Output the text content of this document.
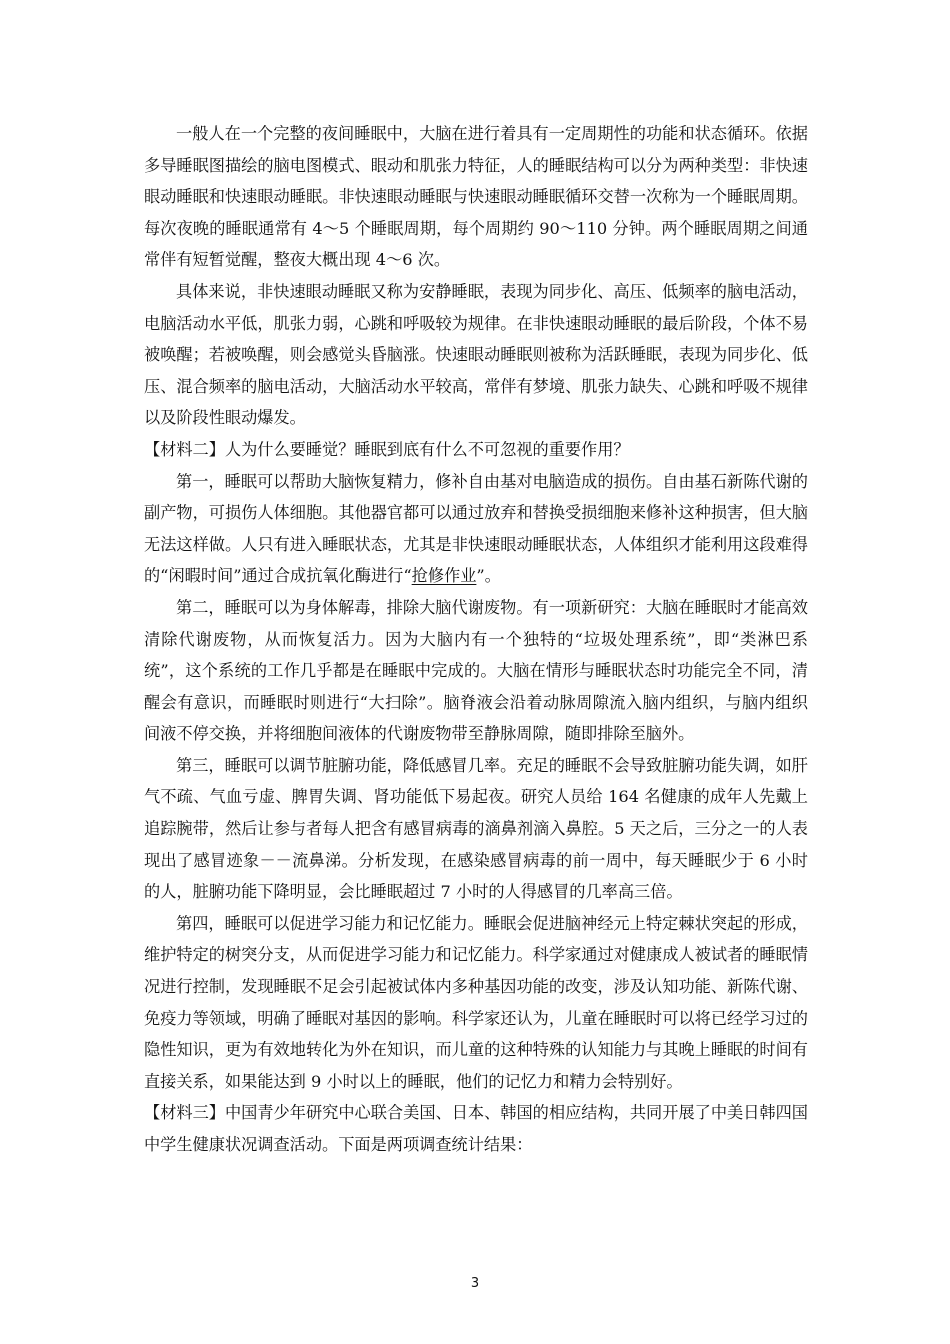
一般人在一个完整的夜间睡眠中，大脑在进行着具有一定周期性的功能和状态循环。依据多导睡眠图描绘的脑电图模式、眼动和肌张力特征，人的睡眠结构可以分为两种类型：非快速眼动睡眠和快速眼动睡眠。非快速眼动睡眠与快速眼动睡眠循环交替一次称为一个睡眠周期。每次夜晚的睡眠通常有 4～5 个睡眠周期，每个周期约 90～110 分钟。两个睡眠周期之间通常伴有短暂觉醒，整夜大概出现 4～6 次。

具体来说，非快速眼动睡眠又称为安静睡眠，表现为同步化、高压、低频率的脑电活动，电脑活动水平低，肌张力弱，心跳和呼吸较为规律。在非快速眼动睡眠的最后阶段，个体不易被唤醒；若被唤醒，则会感觉头昏脑涨。快速眼动睡眠则被称为活跃睡眠，表现为同步化、低压、混合频率的脑电活动，大脑活动水平较高，常伴有梦境、肌张力缺失、心跳和呼吸不规律以及阶段性眼动爆发。

【材料二】人为什么要睡觉？睡眠到底有什么不可忽视的重要作用？

第一，睡眠可以帮助大脑恢复精力，修补自由基对电脑造成的损伤。自由基石新陈代谢的副产物，可损伤人体细胞。其他器官都可以通过放弃和替换受损细胞来修补这种损害，但大脑无法这样做。人只有进入睡眠状态，尤其是非快速眼动睡眠状态，人体组织才能利用这段难得的“闲暇时间”通过合成抗氧化酶进行“抢修作业”。

第二，睡眠可以为身体解毒，排除大脑代谢废物。有一项新研究：大脑在睡眠时才能高效清除代谢废物，从而恢复活力。因为大脑内有一个独特的“垃圾处理系统”，即“类淋巴系统”，这个系统的工作几乎都是在睡眠中完成的。大脑在情形与睡眠状态时功能完全不同，清醒会有意识，而睡眠时则进行“大扫除”。脑脊液会沿着动脉周隙流入脑内组织，与脑内组织间液不停交换，并将细胞间液体的代谢废物带至静脉周隙，随即排除至脑外。

第三，睡眠可以调节脏腑功能，降低感冒几率。充足的睡眠不会导致脏腑功能失调，如肝气不疏、气血亏虚、脾胃失调、肾功能低下易起夜。研究人员给 164 名健康的成年人先戴上追踪腕带，然后让参与者每人把含有感冒病毒的滴鼻剂滴入鼻腔。5 天之后，三分之一的人表现出了感冒迹象－－流鼻涕。分析发现，在感染感冒病毒的前一周中，每天睡眠少于 6 小时的人，脏腑功能下降明显，会比睡眠超过 7 小时的人得感冒的几率高三倍。

第四，睡眠可以促进学习能力和记忆能力。睡眠会促进脑神经元上特定棘状突起的形成，维护特定的树突分支，从而促进学习能力和记忆能力。科学家通过对健康成人被试者的睡眠情况进行控制，发现睡眠不足会引起被试体内多种基因功能的改变，涉及认知功能、新陈代谢、免疫力等领域，明确了睡眠对基因的影响。科学家还认为，儿童在睡眠时可以将已经学习过的隐性知识，更为有效地转化为外在知识，而儿童的这种特殊的认知能力与其晚上睡眠的时间有直接关系，如果能达到 9 小时以上的睡眠，他们的记忆力和精力会特别好。

【材料三】中国青少年研究中心联合美国、日本、韩国的相应结构，共同开展了中美日韩四国中学生健康状况调查活动。下面是两项调查统计结果：

3
